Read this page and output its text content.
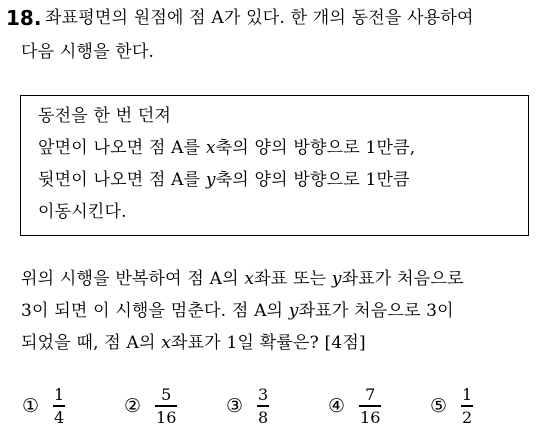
18. 좌표평면의 원점에 점 A가 있다. 한 개의 동전을 사용하여
다음 시행을 한다.
동전을 한 번 던져
앞면이 나오면 점 A를 x축의 양의 방향으로 1만큼,
뒷면이 나오면 점 A를 y축의 양의 방향으로 1만큼
이동시킨다.
위의 시행을 반복하여 점 A의 x좌표 또는 y좌표가 처음으로
3이 되면 이 시행을 멈춘다. 점 A의 y좌표가 처음으로 3이
되었을 때, 점 A의 x좌표가 1일 확률은? [4점]
① $\frac{1}{4}$	② $\frac{5}{16}$	③ $\frac{3}{8}$	④ $\frac{7}{16}$	⑤ $\frac{1}{2}$
